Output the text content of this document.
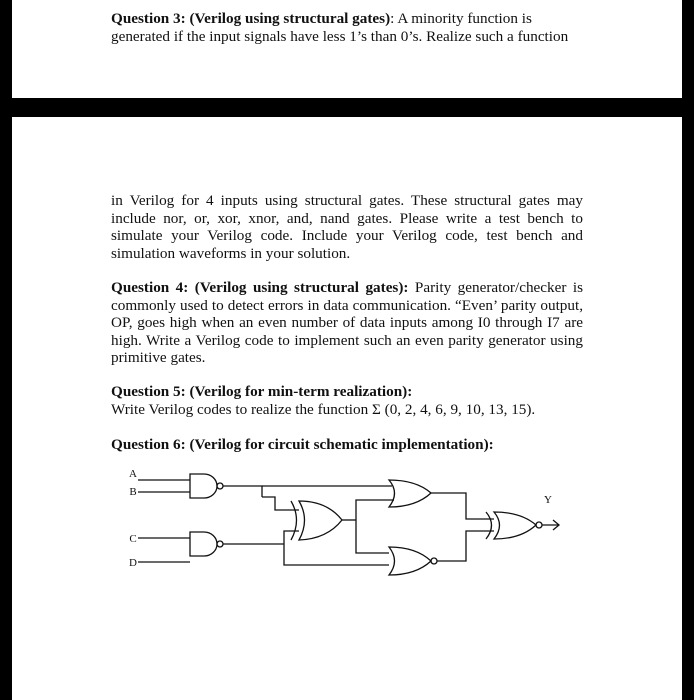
Question 3: (Verilog using structural gates): A minority function is
generated if the input signals have less 1’s than 0’s. Realize such a function
in Verilog for 4 inputs using structural gates. These structural gates may include nor, or, xor, xnor, and, nand gates. Please write a test bench to simulate your Verilog code. Include your Verilog code, test bench and simulation waveforms in your solution.
Question 4: (Verilog using structural gates): Parity generator/checker is commonly used to detect errors in data communication. “Even’ parity output, OP, goes high when an even number of data inputs among I0 through I7 are high. Write a Verilog code to implement such an even parity generator using primitive gates.
Question 5: (Verilog for min-term realization):
Write Verilog codes to realize the function Σ (0, 2, 4, 6, 9, 10, 13, 15).
Question 6: (Verilog for circuit schematic implementation):
A
B
C
D
Y
